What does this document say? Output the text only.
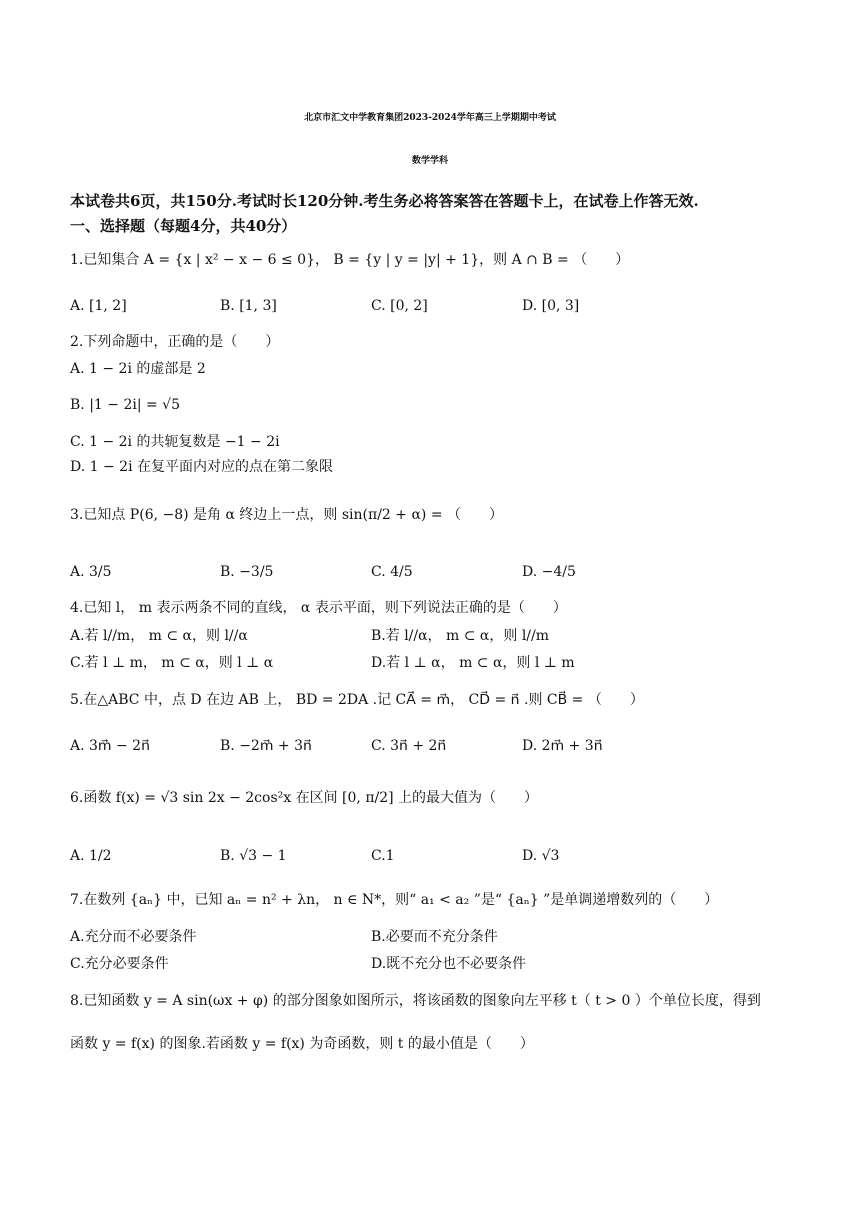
北京市汇文中学教育集团2023-2024学年高三上学期期中考试
数学学科
本试卷共6页，共150分.考试时长120分钟.考生务必将答案答在答题卡上，在试卷上作答无效.
一、选择题（每题4分，共40分）
1.已知集合 A = {x | x² − x − 6 ≤ 0}， B = {y | y = |y| + 1}，则 A ∩ B = （　　）
A. [1, 2]	B. [1, 3]	C. [0, 2]	D. [0, 3]
2.下列命题中，正确的是（　　）
A. 1 − 2i 的虚部是 2
B. |1 − 2i| = √5
C. 1 − 2i 的共轭复数是 −1 − 2i
D. 1 − 2i 在复平面内对应的点在第二象限
3.已知点 P(6, −8) 是角 α 终边上一点，则 sin(π/2 + α) = （　　）
A. 3/5	B. −3/5	C. 4/5	D. −4/5
4.已知 l， m 表示两条不同的直线， α 表示平面，则下列说法正确的是（　　）
A.若 l//m， m ⊂ α，则 l//α	B.若 l//α， m ⊂ α，则 l//m
C.若 l ⊥ m， m ⊂ α，则 l ⊥ α	D.若 l ⊥ α， m ⊂ α，则 l ⊥ m
5.在△ABC 中，点 D 在边 AB 上， BD = 2DA .记 CA⃗ = m⃗， CD⃗ = n⃗ .则 CB⃗ = （　　）
A. 3m⃗ − 2n⃗	B. −2m⃗ + 3n⃗	C. 3n⃗ + 2n⃗	D. 2m⃗ + 3n⃗
6.函数 f(x) = √3 sin 2x − 2cos²x 在区间 [0, π/2] 上的最大值为（　　）
A. 1/2	B. √3 − 1	C.1	D. √3
7.在数列 {aₙ} 中，已知 aₙ = n² + λn， n ∈ N*，则“ a₁ < a₂ ”是“ {aₙ} ”是单调递增数列的（　　）
A.充分而不必要条件	B.必要而不充分条件
C.充分必要条件	D.既不充分也不必要条件
8.已知函数 y = A sin(ωx + φ) 的部分图象如图所示，将该函数的图象向左平移 t（ t > 0 ）个单位长度，得到
函数 y = f(x) 的图象.若函数 y = f(x) 为奇函数，则 t 的最小值是（　　）
